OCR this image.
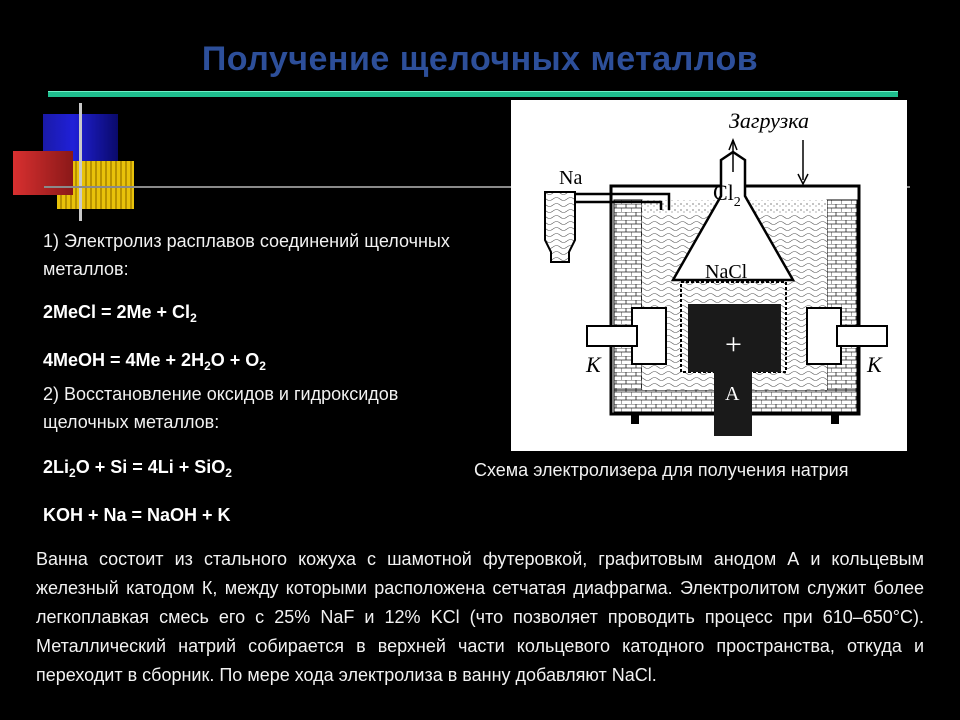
Получение щелочных металлов
1) Электролиз расплавов соединений щелочных
металлов:
2MeCl = $2Me + Cl_2$
4MeOH = $4Me + 2H_2O + O_2$
2) Восстановление оксидов и гидроксидов
щелочных металлов:
$2Li_2O + Si = 4Li + SiO_2$
KOH + Na = NaOH + K
Загрузка
Na
$Cl_2$
NaCl
+
A
K	K
Схема электролизера для получения натрия
Ванна состоит из стального кожуха с шамотной футеровкой, графитовым анодом А и кольцевым железный катодом К, между которыми расположена сетчатая диафрагма. Электролитом служит более легкоплавкая смесь его с 25% NaF и 12% KCl (что позволяет проводить процесс при 610–650°С). Металлический натрий собирается в верхней части кольцевого катодного пространства, откуда и переходит в сборник. По мере хода электролиза в ванну добавляют NaCl.
